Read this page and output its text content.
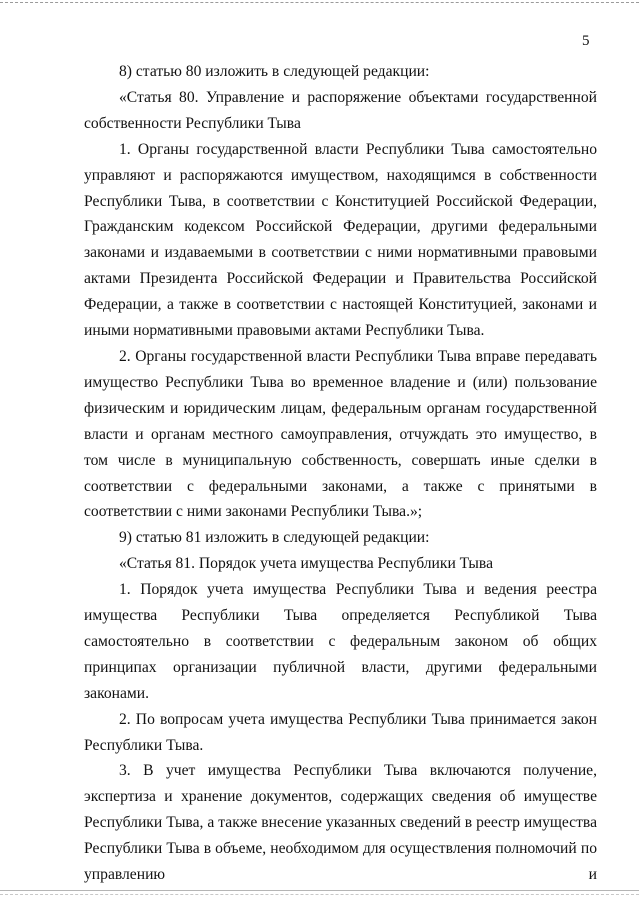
5

8) статью 80 изложить в следующей редакции:

«Статья 80. Управление и распоряжение объектами государственной собственности Республики Тыва

1. Органы государственной власти Республики Тыва самостоятельно управляют и распоряжаются имуществом, находящимся в собственности Республики Тыва, в соответствии с Конституцией Российской Федерации, Гражданским кодексом Российской Федерации, другими федеральными законами и издаваемыми в соответствии с ними нормативными правовыми актами Президента Российской Федерации и Правительства Российской Федерации, а также в соответствии с настоящей Конституцией, законами и иными нормативными правовыми актами Республики Тыва.

2. Органы государственной власти Республики Тыва вправе передавать имущество Республики Тыва во временное владение и (или) пользование физическим и юридическим лицам, федеральным органам государственной власти и органам местного самоуправления, отчуждать это имущество, в том числе в муниципальную собственность, совершать иные сделки в соответствии с федеральными законами, а также с принятыми в соответствии с ними законами Республики Тыва.»;

9) статью 81 изложить в следующей редакции:

«Статья 81. Порядок учета имущества Республики Тыва

1. Порядок учета имущества Республики Тыва и ведения реестра имущества Республики Тыва определяется Республикой Тыва самостоятельно в соответствии с федеральным законом об общих принципах организации публичной власти, другими федеральными законами.

2. По вопросам учета имущества Республики Тыва принимается закон Республики Тыва.

3. В учет имущества Республики Тыва включаются получение, экспертиза и хранение документов, содержащих сведения об имуществе Республики Тыва, а также внесение указанных сведений в реестр имущества Республики Тыва в объеме, необходимом для осуществления полномочий по управлению и
